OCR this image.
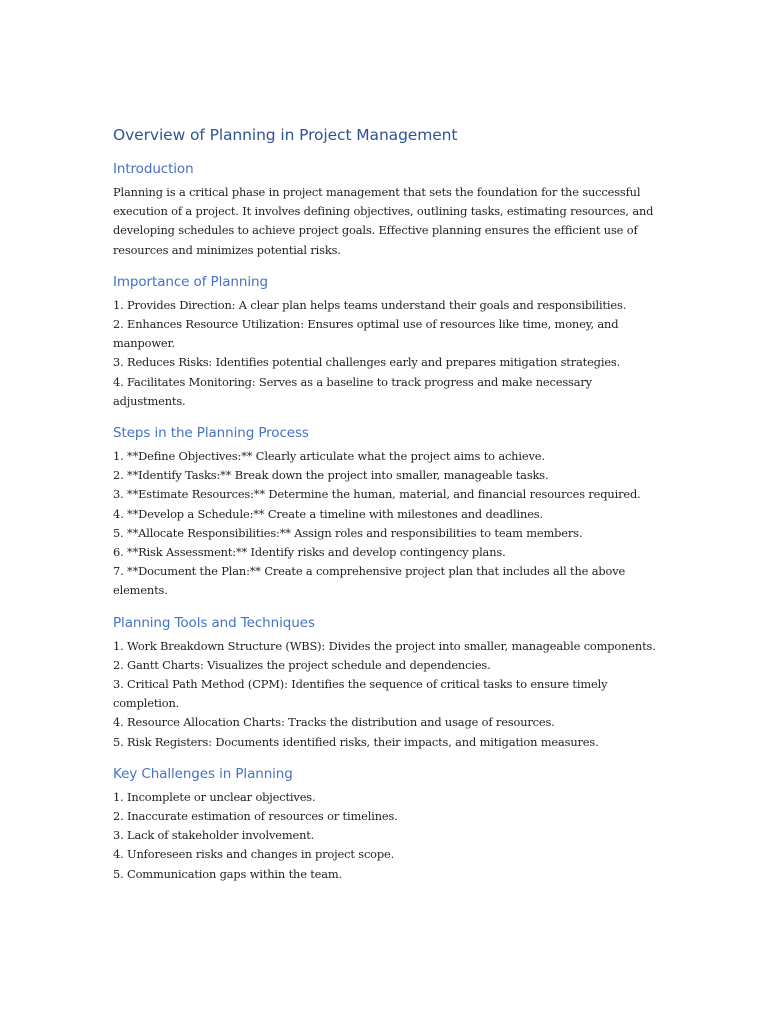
Overview of Planning in Project Management
Introduction

Planning is a critical phase in project management that sets the foundation for the successful execution of a project. It involves defining objectives, outlining tasks, estimating resources, and developing schedules to achieve project goals. Effective planning ensures the efficient use of resources and minimizes potential risks.

Importance of Planning
1. Provides Direction: A clear plan helps teams understand their goals and responsibilities.
2. Enhances Resource Utilization: Ensures optimal use of resources like time, money, and manpower.
3. Reduces Risks: Identifies potential challenges early and prepares mitigation strategies.
4. Facilitates Monitoring: Serves as a baseline to track progress and make necessary adjustments.
Steps in the Planning Process
1. **Define Objectives:** Clearly articulate what the project aims to achieve.
2. **Identify Tasks:** Break down the project into smaller, manageable tasks.
3. **Estimate Resources:** Determine the human, material, and financial resources required.
4. **Develop a Schedule:** Create a timeline with milestones and deadlines.
5. **Allocate Responsibilities:** Assign roles and responsibilities to team members.
6. **Risk Assessment:** Identify risks and develop contingency plans.
7. **Document the Plan:** Create a comprehensive project plan that includes all the above elements.
Planning Tools and Techniques
1. Work Breakdown Structure (WBS): Divides the project into smaller, manageable components.
2. Gantt Charts: Visualizes the project schedule and dependencies.
3. Critical Path Method (CPM): Identifies the sequence of critical tasks to ensure timely completion.
4. Resource Allocation Charts: Tracks the distribution and usage of resources.
5. Risk Registers: Documents identified risks, their impacts, and mitigation measures.
Key Challenges in Planning
1. Incomplete or unclear objectives.
2. Inaccurate estimation of resources or timelines.
3. Lack of stakeholder involvement.
4. Unforeseen risks and changes in project scope.
5. Communication gaps within the team.
